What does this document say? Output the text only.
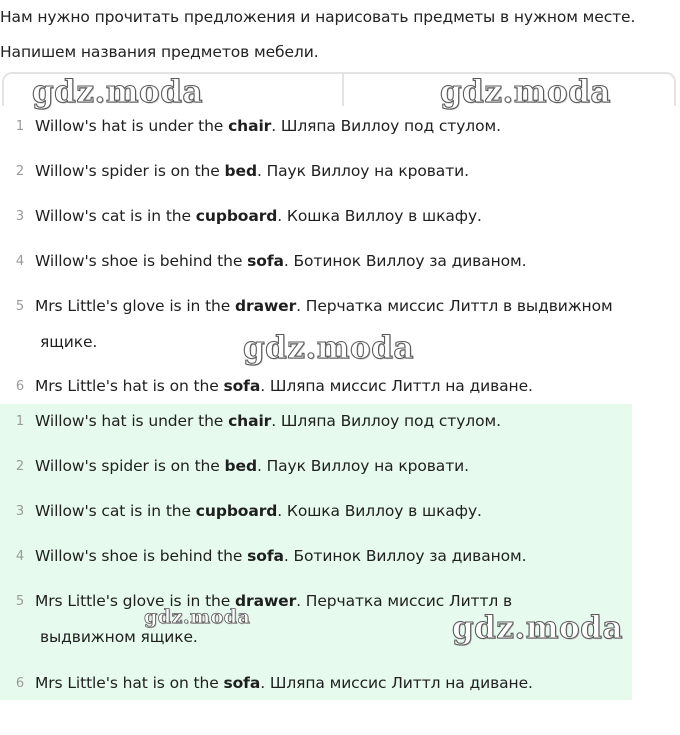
Нам нужно прочитать предложения и нарисовать предметы в нужном месте.
Напишем названия предметов мебели.
1 Willow's hat is under the chair. Шляпа Виллоу под стулом.
2 Willow's spider is on the bed. Паук Виллоу на кровати.
3 Willow's cat is in the cupboard. Кошка Виллоу в шкафу.
4 Willow's shoe is behind the sofa. Ботинок Виллоу за диваном.
5 Mrs Little's glove is in the drawer. Перчатка миссис Литтл в выдвижном
ящике.
6 Mrs Little's hat is on the sofa. Шляпа миссис Литтл на диване.
1 Willow's hat is under the chair. Шляпа Виллоу под стулом.
2 Willow's spider is on the bed. Паук Виллоу на кровати.
3 Willow's cat is in the cupboard. Кошка Виллоу в шкафу.
4 Willow's shoe is behind the sofa. Ботинок Виллоу за диваном.
5 Mrs Little's glove is in the drawer. Перчатка миссис Литтл в
выдвижном ящике.
6 Mrs Little's hat is on the sofa. Шляпа миссис Литтл на диване.
gdz.moda	gdz.moda
gdz.moda
gdz.moda	gdz.moda
